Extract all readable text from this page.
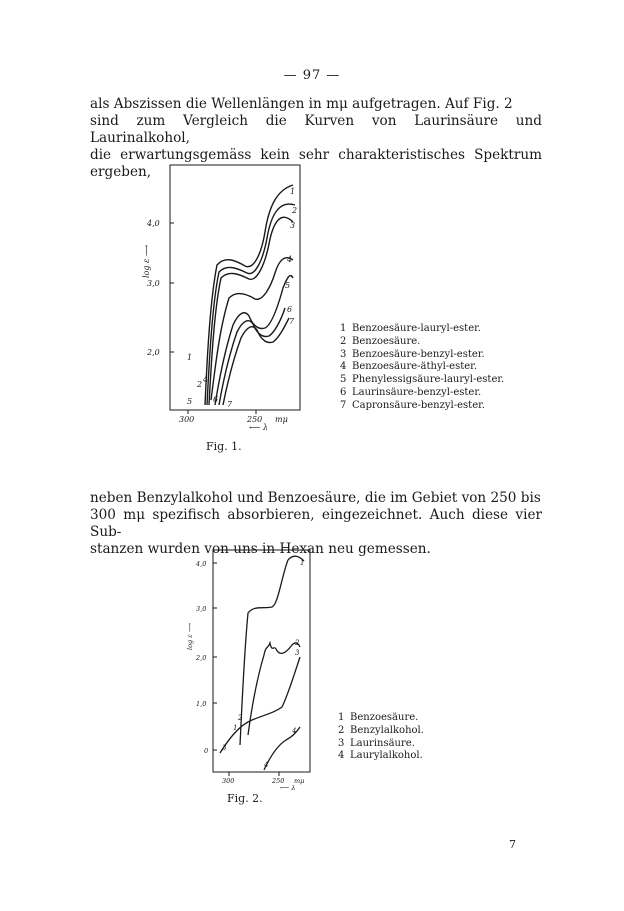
— 97 —
als Abszissen die Wellenlängen in mμ aufgetragen. Auf Fig. 2
sind zum Vergleich die Kurven von Laurinsäure und Laurinalkohol,
die erwartungsgemäss kein sehr charakteristisches Spektrum ergeben,
4,0
3,0
2,0
log ε ⟶
300	250 mμ
⟵ λ
1
2
3
4
5
6
7
1
2
4
5	6
7
1 Benzoesäure-lauryl-ester.
2 Benzoesäure.
3 Benzoesäure-benzyl-ester.
4 Benzoesäure-äthyl-ester.
5 Phenylessigsäure-lauryl-ester.
6 Laurinsäure-benzyl-ester.
7 Capronsäure-benzyl-ester.
Fig. 1.
neben Benzylalkohol und Benzoesäure, die im Gebiet von 250 bis
300 mμ spezifisch absorbieren, eingezeichnet. Auch diese vier Sub-
stanzen wurden von uns in Hexan neu gemessen.
4,0
3,0
2,0
1,0
0
log ε ⟶
300	250 mμ
⟵ λ
1
2
3
2
1
3
4
4
1 Benzoesäure.
2 Benzylalkohol.
3 Laurinsäure.
4 Laurylalkohol.
Fig. 2.
7
